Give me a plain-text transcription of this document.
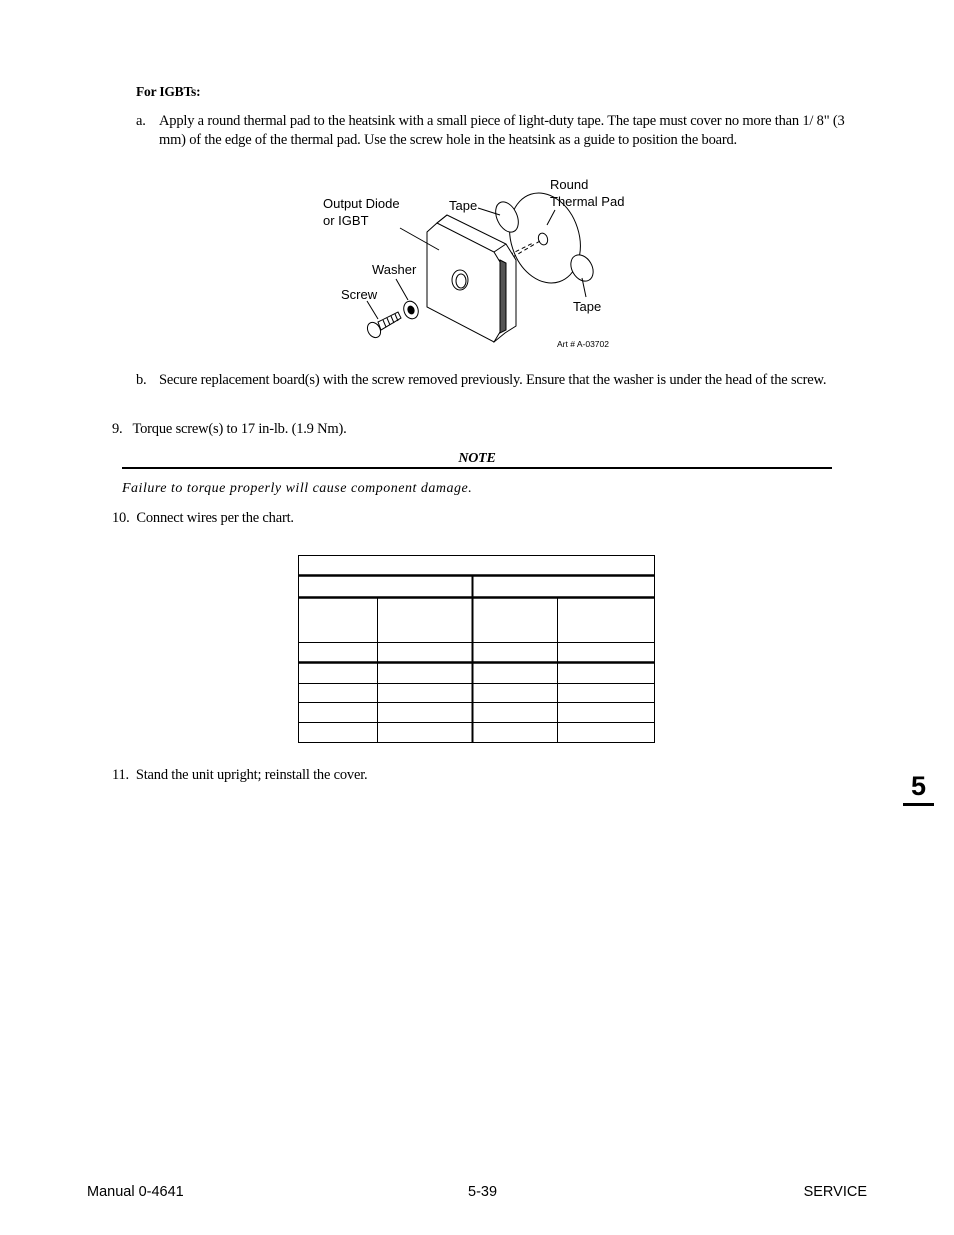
For IGBTs:
a. Apply a round thermal pad to the heatsink with a small piece of light-duty tape. The tape must cover no more than 1/ 8" (3 mm) of the edge of the thermal pad. Use the screw hole in the heatsink as a guide to position the board.
Output Diode
or IGBT
Tape
Round
Thermal Pad
Washer
Screw
Tape
Art # A-03702
b. Secure replacement board(s) with the screw removed previously. Ensure that the washer is under the head of the screw.
9.   Torque screw(s) to 17 in-lb. (1.9 Nm).
NOTE
Failure to torque properly will cause component damage.
10.  Connect wires per the chart.
11.  Stand the unit upright; reinstall the cover.	5
Manual 0-4641	5-39	SERVICE
